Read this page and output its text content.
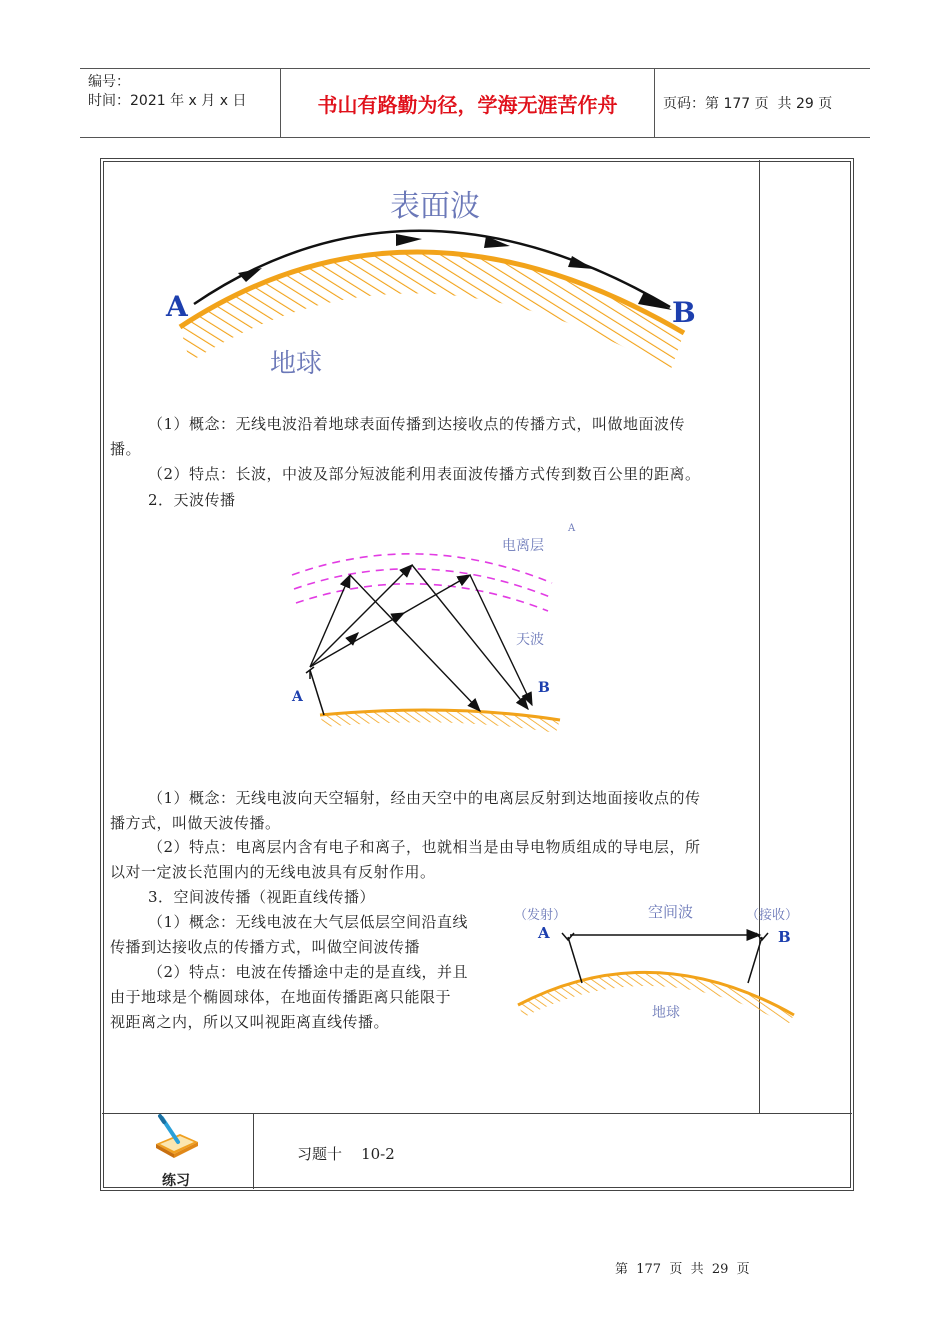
编号：
时间：2021 年 x 月 x 日	书山有路勤为径，学海无涯苦作舟	页码：第 177 页  共 29 页
表面波
A	B
地球
（1）概念：无线电波沿着地球表面传播到达接收点的传播方式，叫做地面波传
播。
（2）特点：长波，中波及部分短波能利用表面波传播方式传到数百公里的距离。
2．天波传播
电离层
天波
A
B
A
（1）概念：无线电波向天空辐射，经由天空中的电离层反射到达地面接收点的传
播方式，叫做天波传播。
（2）特点：电离层内含有电子和离子，也就相当是由导电物质组成的导电层，所
以对一定波长范围内的无线电波具有反射作用。
3．空间波传播（视距直线传播）
（1）概念：无线电波在大气层低层空间沿直线
传播到达接收点的传播方式，叫做空间波传播
（2）特点：电波在传播途中走的是直线，并且
由于地球是个椭圆球体，在地面传播距离只能限于
视距离之内，所以又叫视距离直线传播。
（发射）	（接收）
空间波
A	B
地球
练习
习题十    10-2
第  177  页  共  29  页
